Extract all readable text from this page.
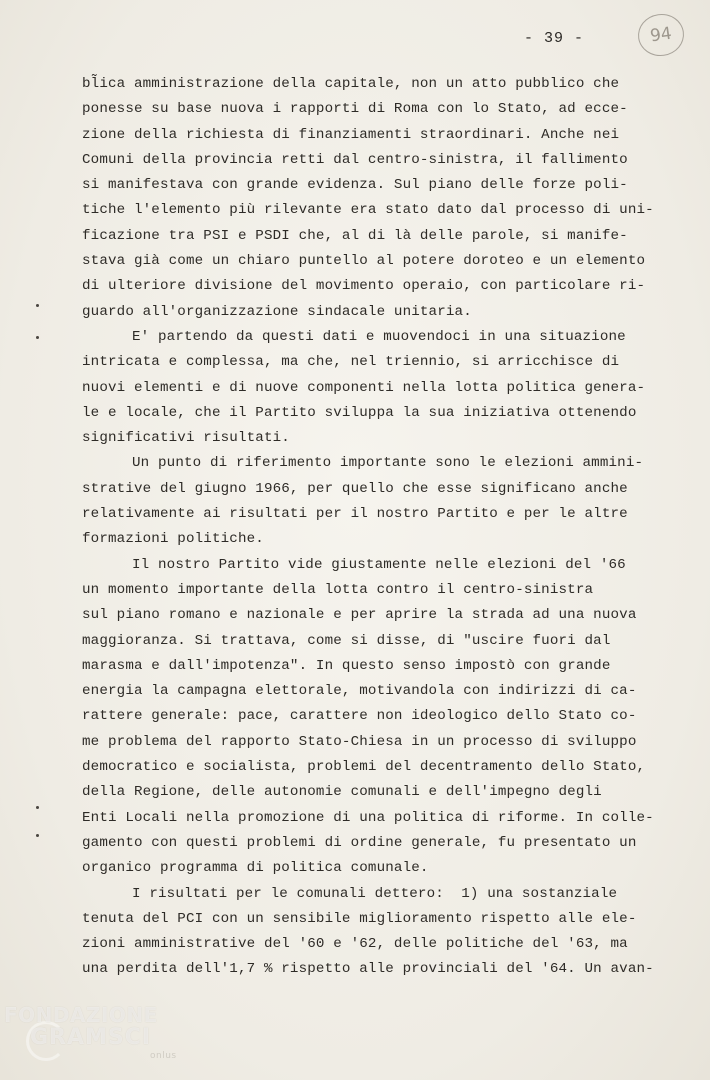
- 39 -	94
bl̃ica amministrazione della capitale, non un atto pubblico che
ponesse su base nuova i rapporti di Roma con lo Stato, ad ecce-
zione della richiesta di finanziamenti straordinari. Anche nei
Comuni della provincia retti dal centro-sinistra, il fallimento
si manifestava con grande evidenza. Sul piano delle forze poli-
tiche l'elemento più rilevante era stato dato dal processo di uni-
ficazione tra PSI e PSDI che, al di là delle parole, si manife-
stava già come un chiaro puntello al potere doroteo e un elemento
di ulteriore divisione del movimento operaio, con particolare ri-
guardo all'organizzazione sindacale unitaria.
E' partendo da questi dati e muovendoci in una situazione
intricata e complessa, ma che, nel triennio, si arricchisce di
nuovi elementi e di nuove componenti nella lotta politica genera-
le e locale, che il Partito sviluppa la sua iniziativa ottenendo
significativi risultati.
Un punto di riferimento importante sono le elezioni ammini-
strative del giugno 1966, per quello che esse significano anche
relativamente ai risultati per il nostro Partito e per le altre
formazioni politiche.
Il nostro Partito vide giustamente nelle elezioni del '66
un momento importante della lotta contro il centro-sinistra
sul piano romano e nazionale e per aprire la strada ad una nuova
maggioranza. Si trattava, come si disse, di "uscire fuori dal
marasma e dall'impotenza". In questo senso impostò con grande
energia la campagna elettorale, motivandola con indirizzi di ca-
rattere generale: pace, carattere non ideologico dello Stato co-
me problema del rapporto Stato-Chiesa in un processo di sviluppo
democratico e socialista, problemi del decentramento dello Stato,
della Regione, delle autonomie comunali e dell'impegno degli
Enti Locali nella promozione di una politica di riforme. In colle-
gamento con questi problemi di ordine generale, fu presentato un
organico programma di politica comunale.
I risultati per le comunali dettero:  1) una sostanziale
tenuta del PCI con un sensibile miglioramento rispetto alle ele-
zioni amministrative del '60 e '62, delle politiche del '63, ma
una perdita dell'1,7 % rispetto alle provinciali del '64. Un avan-
FONDAZIONE
GRAMSCI
onlus
